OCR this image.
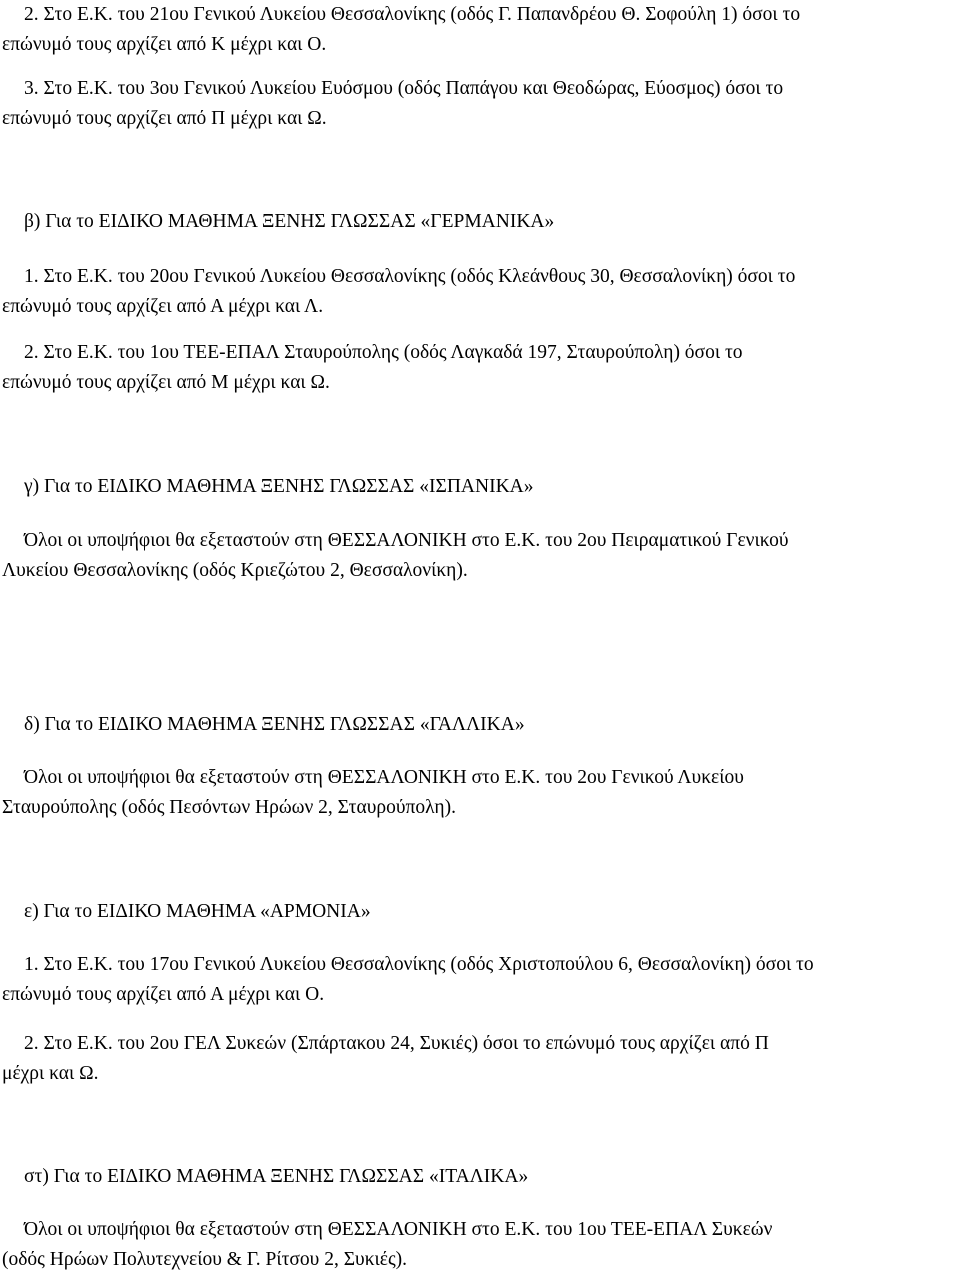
2. Στο Ε.Κ. του 21ου Γενικού Λυκείου Θεσσαλονίκης (οδός Γ. Παπανδρέου Θ. Σοφούλη 1) όσοι το
επώνυμό τους αρχίζει από Κ μέχρι και Ο.

3. Στο Ε.Κ. του 3ου Γενικού Λυκείου Ευόσμου (οδός Παπάγου και Θεοδώρας, Εύοσμος) όσοι το
επώνυμό τους αρχίζει από Π μέχρι και Ω.

β) Για το ΕΙΔΙΚΟ ΜΑΘΗΜΑ ΞΕΝΗΣ ΓΛΩΣΣΑΣ «ΓΕΡΜΑΝΙΚΑ»

1. Στο Ε.Κ. του 20ου Γενικού Λυκείου Θεσσαλονίκης (οδός Κλεάνθους 30, Θεσσαλονίκη) όσοι το
επώνυμό τους αρχίζει από Α μέχρι και Λ.

2. Στο Ε.Κ. του 1ου ΤΕΕ-ΕΠΑΛ Σταυρούπολης (οδός Λαγκαδά 197, Σταυρούπολη) όσοι το
επώνυμό τους αρχίζει από Μ μέχρι και Ω.

γ) Για το ΕΙΔΙΚΟ ΜΑΘΗΜΑ ΞΕΝΗΣ ΓΛΩΣΣΑΣ «ΙΣΠΑΝΙΚΑ»

Όλοι οι υποψήφιοι θα εξεταστούν στη ΘΕΣΣΑΛΟΝΙΚΗ στο Ε.Κ. του 2ου Πειραματικού Γενικού
Λυκείου Θεσσαλονίκης (οδός Κριεζώτου 2, Θεσσαλονίκη).

δ) Για το ΕΙΔΙΚΟ ΜΑΘΗΜΑ ΞΕΝΗΣ ΓΛΩΣΣΑΣ «ΓΑΛΛΙΚΑ»

Όλοι οι υποψήφιοι θα εξεταστούν στη ΘΕΣΣΑΛΟΝΙΚΗ στο Ε.Κ. του 2ου Γενικού Λυκείου
Σταυρούπολης (οδός Πεσόντων Ηρώων 2, Σταυρούπολη).

ε) Για το ΕΙΔΙΚΟ ΜΑΘΗΜΑ «ΑΡΜΟΝΙΑ»

1. Στο Ε.Κ. του 17ου Γενικού Λυκείου Θεσσαλονίκης (οδός Χριστοπούλου 6, Θεσσαλονίκη) όσοι το
επώνυμό τους αρχίζει από Α μέχρι και Ο.

2. Στο Ε.Κ. του 2ου ΓΕΛ Συκεών (Σπάρτακου 24, Συκιές) όσοι το επώνυμό τους αρχίζει από Π
μέχρι και Ω.

στ) Για το ΕΙΔΙΚΟ ΜΑΘΗΜΑ ΞΕΝΗΣ ΓΛΩΣΣΑΣ «ΙΤΑΛΙΚΑ»

Όλοι οι υποψήφιοι θα εξεταστούν στη ΘΕΣΣΑΛΟΝΙΚΗ στο Ε.Κ. του 1ου ΤΕΕ-ΕΠΑΛ Συκεών
(οδός Ηρώων Πολυτεχνείου & Γ. Ρίτσου 2, Συκιές).
